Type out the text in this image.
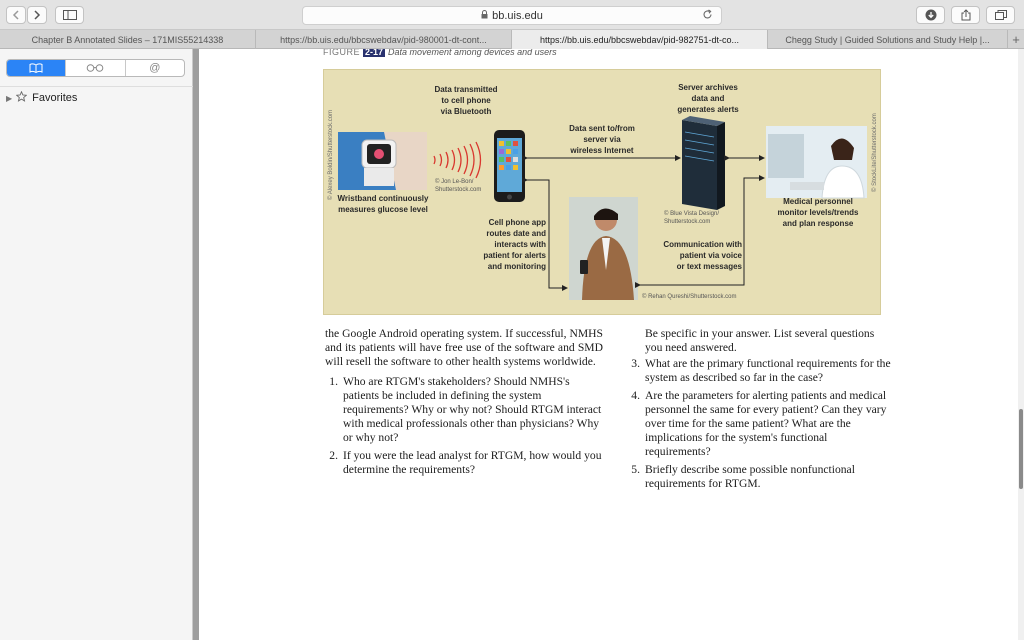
bb.uis.edu
Chapter B Annotated Slides – 171MIS55214338	https://bb.uis.edu/bbcswebdav/pid-980001-dt-cont...	https://bb.uis.edu/bbcswebdav/pid-982751-dt-co...	Chegg Study | Guided Solutions and Study Help |...	+
@
▶ Favorites
FIGURE 2-17 Data movement among devices and users
Data transmitted
to cell phone
via Bluetooth
Server archives
data and
generates alerts
Data sent to/from
server via
wireless Internet
Wristband continuously
measures glucose level
Cell phone app
routes date and
interacts with
patient for alerts
and monitoring
Communication with
patient via voice
or text messages
Medical personnel
monitor levels/trends
and plan response
© Jon Le-Bon/
Shutterstock.com
© Blue Vista Design/
Shutterstock.com
© Rehan Qureshi/Shutterstock.com
© Alexey Boldin/Shutterstock.com	© StockLite/Shutterstock.com

the Google Android operating system. If successful, NMHS and its patients will have free use of the software and SMD will resell the software to other health systems worldwide.

1. Who are RTGM's stakeholders? Should NMHS's patients be included in defining the system requirements? Why or why not? Should RTGM interact with medical professionals other than physicians? Why or why not?
2. If you were the lead analyst for RTGM, how would you determine the requirements?

Be specific in your answer. List several questions you need answered.

3. What are the primary functional requirements for the system as described so far in the case?
4. Are the parameters for alerting patients and medical personnel the same for every patient? Can they vary over time for the same patient? What are the implications for the system's functional requirements?
5. Briefly describe some possible nonfunctional requirements for RTGM.
